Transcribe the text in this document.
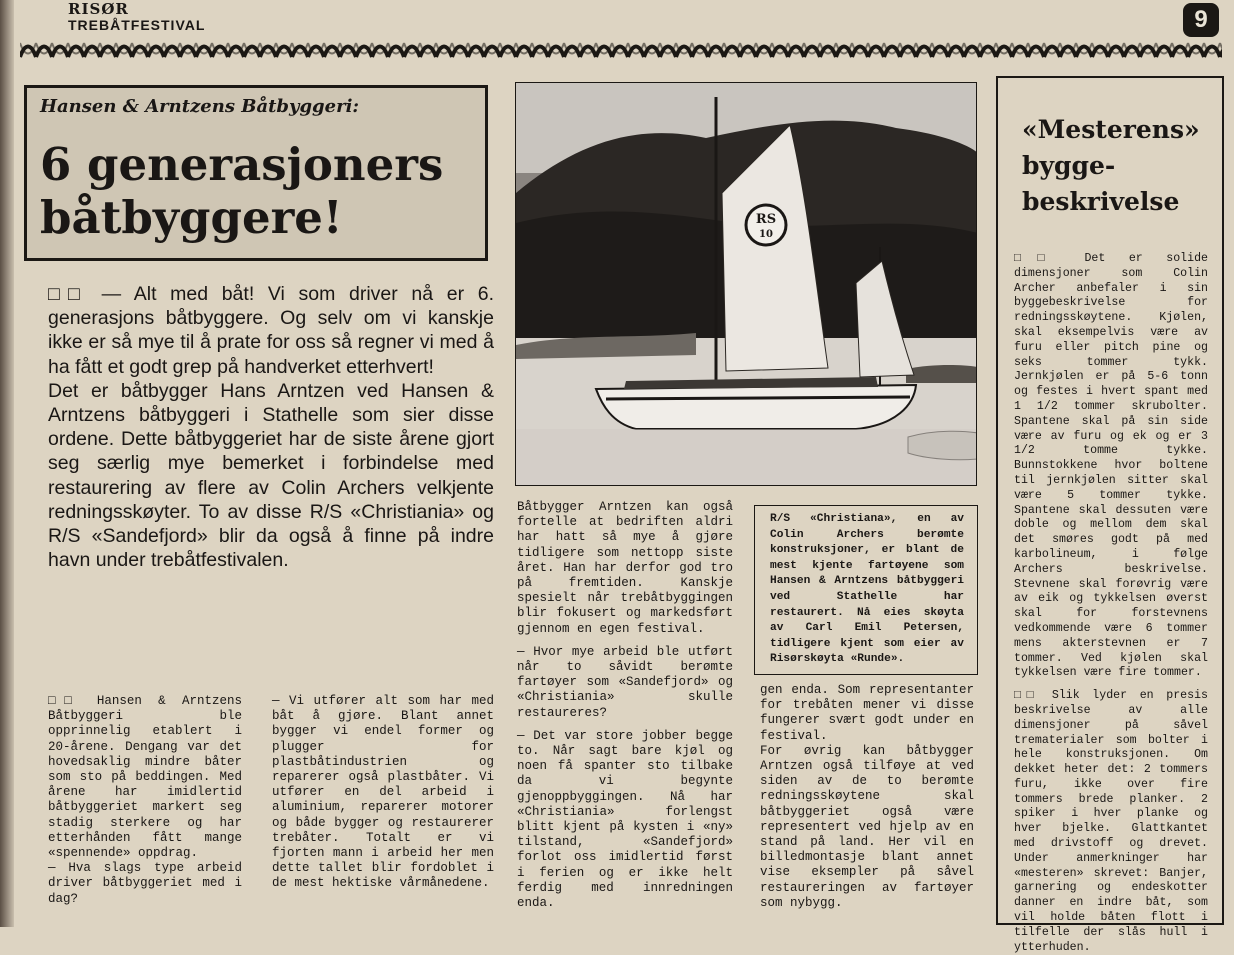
RISØR
TREBÅTFESTIVAL	9
Hansen & Arntzens Båtbyggeri:
6 generasjoners
båtbyggere!

□□ — Alt med båt! Vi som driver nå er 6. generasjons båtbyggere. Og selv om vi kanskje ikke er så mye til å prate for oss så regner vi med å ha fått et godt grep på handverket etterhvert!

Det er båtbygger Hans Arntzen ved Hansen & Arntzens båtbyggeri i Stathelle som sier disse ordene. Dette båtbyggeriet har de siste årene gjort seg særlig mye bemerket i forbindelse med restaurering av flere av Colin Archers velkjente redningsskøyter. To av disse R/S «Christiania» og R/S «Sandefjord» blir da også å finne på indre havn under trebåtfestivalen.

□□ Hansen & Arntzens Båtbyggeri ble opprinnelig etablert i 20-årene. Dengang var det hovedsaklig mindre båter som sto på beddingen. Med årene har imidlertid båtbyggeriet markert seg stadig sterkere og har etterhånden fått mange «spennende» oppdrag.

— Hva slags type arbeid driver båtbyggeriet med i dag?

— Vi utfører alt som har med båt å gjøre. Blant annet bygger vi endel former og plugger for plastbåtindustrien og reparerer også plastbåter. Vi utfører en del arbeid i aluminium, reparerer motorer og både bygger og restaurerer trebåter. Totalt er vi fjorten mann i arbeid her men dette tallet blir fordoblet i de mest hektiske vårmånedene.

RS
10

Båtbygger Arntzen kan også fortelle at bedriften aldri har hatt så mye å gjøre tidligere som nettopp siste året. Han har derfor god tro på fremtiden. Kanskje spesielt når trebåtbyggingen blir fokusert og markedsført gjennom en egen festival.

— Hvor mye arbeid ble utført når to såvidt berømte fartøyer som «Sandefjord» og «Christiania» skulle restaureres?

— Det var store jobber begge to. Når sagt bare kjøl og noen få spanter sto tilbake da vi begynte gjenoppbyggingen. Nå har «Christiania» forlengst blitt kjent på kysten i «ny» tilstand, «Sandefjord» forlot oss imidlertid først i ferien og er ikke helt ferdig med innredningen enda.

R/S «Christiana», en av Colin Archers berømte konstruksjoner, er blant de mest kjente fartøyene som Hansen & Arntzens båtbyggeri ved Stathelle har restaurert. Nå eies skøyta av Carl Emil Petersen, tidligere kjent som eier av Risørskøyta «Runde».

gen enda. Som representanter for trebåten mener vi disse fungerer svært godt under en festival.

For øvrig kan båtbygger Arntzen også tilføye at ved siden av de to berømte redningsskøytene skal båtbyggeriet også være representert ved hjelp av en stand på land. Her vil en billedmontasje blant annet vise eksempler på såvel restaureringen av fartøyer som nybygg.

«Mesterens»
bygge-
beskrivelse

□□ Det er solide dimensjoner som Colin Archer anbefaler i sin byggebeskrivelse for redningsskøytene. Kjølen, skal eksempelvis være av furu eller pitch pine og seks tommer tykk. Jernkjølen er på 5-6 tonn og festes i hvert spant med 1 1/2 tommer skrubolter. Spantene skal på sin side være av furu og ek og er 3 1/2 tomme tykke. Bunnstokkene hvor boltene til jernkjølen sitter skal være 5 tommer tykke. Spantene skal dessuten være doble og mellom dem skal det smøres godt på med karbolineum, i følge Archers beskrivelse. Stevnene skal forøvrig være av eik og tykkelsen øverst skal for forstevnens vedkommende være 6 tommer mens akterstevnen er 7 tommer. Ved kjølen skal tykkelsen være fire tommer.

□□ Slik lyder en presis beskrivelse av alle dimensjoner på såvel trematerialer som bolter i hele konstruksjonen. Om dekket heter det: 2 tommers furu, ikke over fire tommers brede planker. 2 spiker i hver planke og hver bjelke. Glattkantet med drivstoff og drevet. Under anmerkninger har «mesteren» skrevet: Banjer, garnering og endeskotter danner en indre båt, som vil holde båten flott i tilfelle der slås hull i ytterhuden.
